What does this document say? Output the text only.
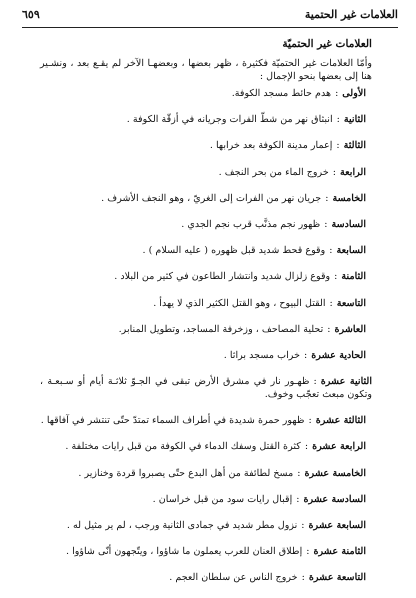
العلامات غير الحتمية
٦٥٩
العلامات غير الحتميّة
وأمّا العلامات غير الحتميّة فكثيرة ، ظهر بعضها ، وبعضهـا الآخر لم يقـع بعد ، ونشـير هنا إلى بعضها بنحو الإجمال :
الأولى:هدم حائط مسجد الكوفة.
الثانية:انبثاق نهر من شطّ الفرات وجريانه في أزقّة الكوفة .
الثالثة:إعمار مدينة الكوفة بعد خرابها .
الرابعة:خروج الماء من بحر النجف .
الخامسة:جريان نهر من الفرات إلى الغريّ ، وهو النجف الأشرف .
السادسة:ظهور نجم مذنَّب قرب نجم الجدي .
السابعة:وقوع قحط شديد قبل ظهوره ( عليه السلام ) .
الثامنة:وقوع زلزال شديد وانتشار الطاعون في كثير من البلاد .
التاسعة:القتل البيوح ، وهو القتل الكثير الذي لا يهدأ .
العاشرة:تحلية المصاحف ، وزخرفة المساجد، وتطويل المنابر.
الحادية عشرة:خراب مسجد براثا .
الثانية عشرة:ظهـور نار في مشرق الأرض تبقى في الجـوّ ثلاثـة أيام أو سـبعـة ، وتكون مبعث تعجّب وخوف.
الثالثة عشرة:ظهور حمرة شديدة في أطراف السماء تمتدّ حتّى تنتشر في آفاقها .
الرابعة عشرة:كثرة القتل وسفك الدماء في الكوفة من قبل رايات مختلفة .
الخامسة عشرة:مسخ لطائفة من أهل البدع حتّى يصبروا قردة وخنازير .
السادسة عشرة:إقبال رايات سود من قبل خراسان .
السابعة عشرة:نزول مطر شديد في جمادى الثانية ورجب ، لم ير مثيل له .
الثامنة عشرة:إطلاق العنان للعرب يعملون ما شاؤوا ، ويتّجهون أنّى شاؤوا .
التاسعة عشرة:خروج الناس عن سلطان العجم .
